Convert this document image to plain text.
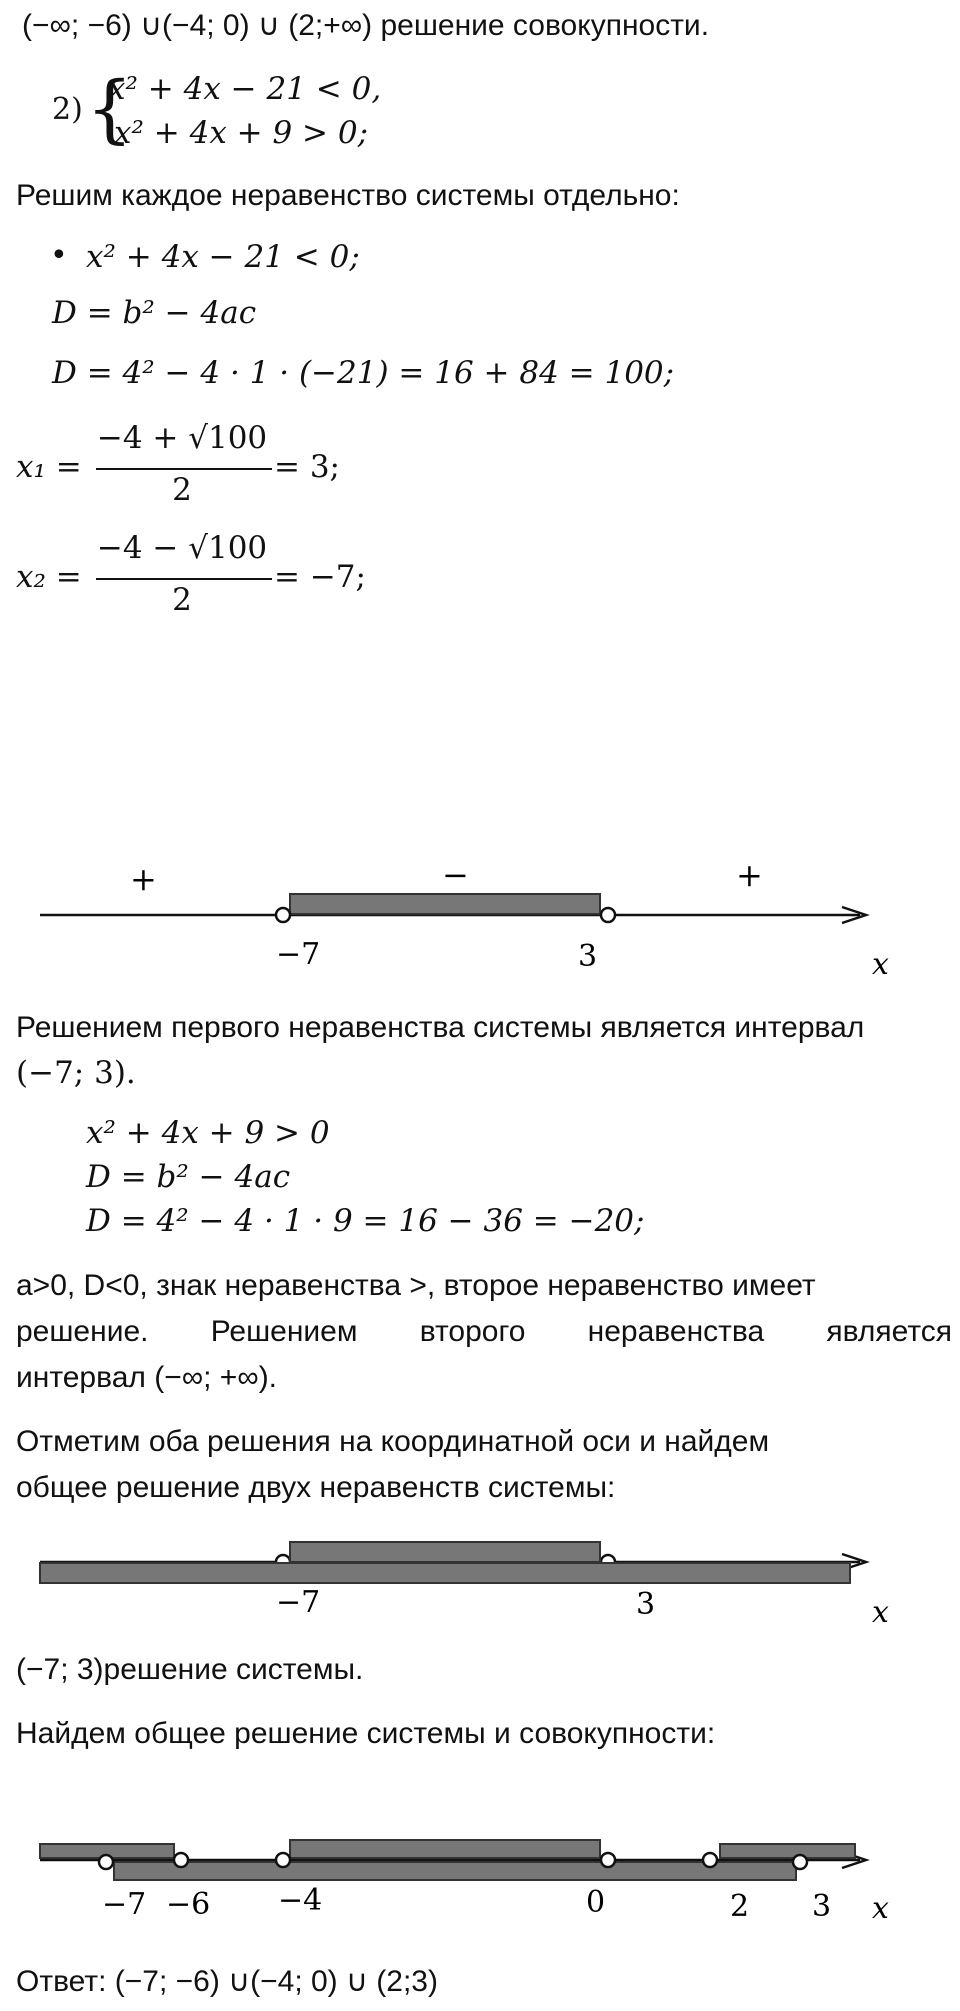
(−∞; −6) ∪(−4; 0) ∪ (2;+∞) решение совокупности.
2) {
x² + 4x − 21 < 0,
x² + 4x + 9 > 0;
Решим каждое неравенство системы отдельно:
• x² + 4x − 21 < 0;
D = b² − 4ac
D = 4² − 4 · 1 · (−21) = 16 + 84 = 100;
x₁ =
−4 + √100
2
= 3;
x₂ =
−4 − √100
2
= −7;
+	−	+
−7	3	x
Решением первого неравенства системы является интервал
(−7; 3).
x² + 4x + 9 > 0
D = b² − 4ac
D = 4² − 4 · 1 · 9 = 16 − 36 = −20;
a>0, D<0, знак неравенства >, второе неравенство имеет
решение. Решением второго неравенства является
интервал (−∞; +∞).
Отметим оба решения на координатной оси и найдем
общее решение двух неравенств системы:
−7	3	x
(−7; 3)решение системы.
Найдем общее решение системы и совокупности:
−7 −6 −4	0	2 3 x
Ответ: (−7; −6) ∪(−4; 0) ∪ (2;3)
